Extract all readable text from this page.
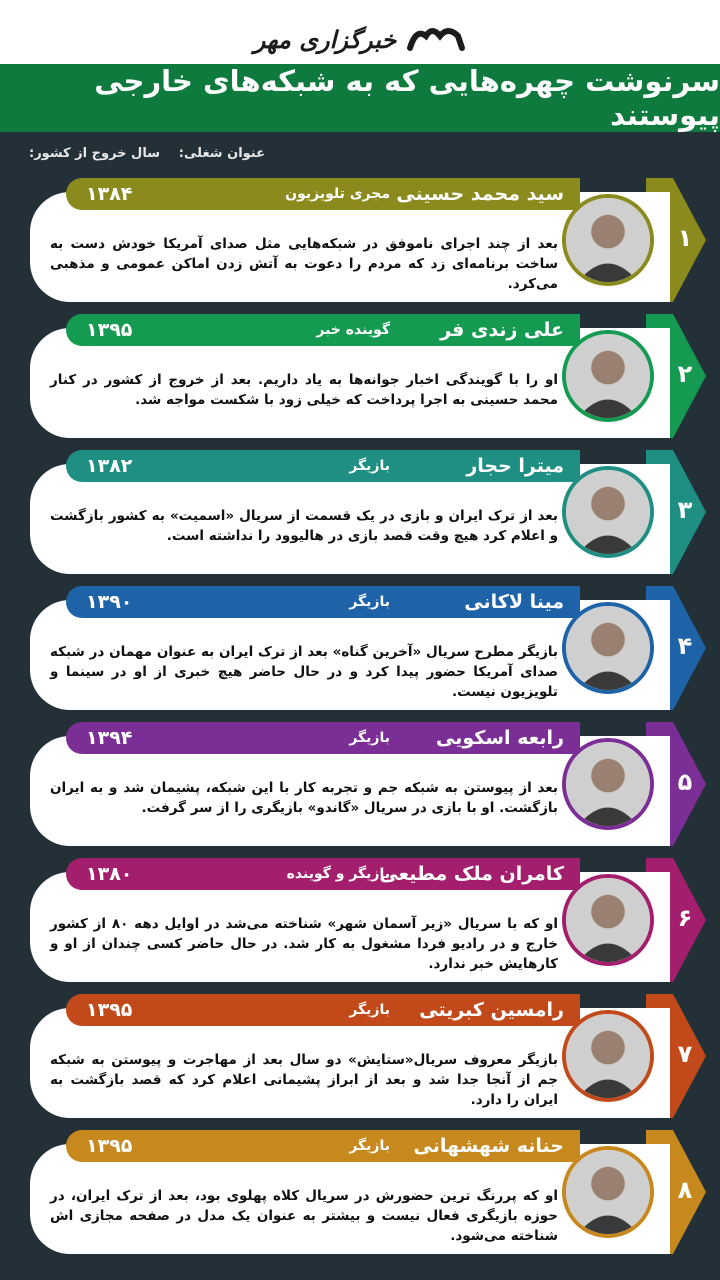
خبرگزاری مهر
سرنوشت چهره‌هایی که به شبکه‌های خارجی پیوستند
عنوان شغلی:
سال خروج از کشور:
۱
بعد از چند اجرای ناموفق در شبکه‌هایی مثل صدای آمریکا خودش دست به ساخت برنامه‌ای زد که مردم را دعوت به آتش زدن اماکن عمومی و مذهبی می‌کرد.
سید محمد حسینی
مجری تلویزیون
۱۳۸۴
۲
او را با گویندگی اخبار جوانه‌ها به یاد داریم. بعد از خروج از کشور در کنار محمد حسینی به اجرا پرداخت که خیلی زود با شکست مواجه شد.
علی زندی فر
گوینده خبر
۱۳۹۵
۳
بعد از ترک ایران و بازی در یک قسمت از سریال «اسمیت» به کشور بازگشت و اعلام کرد هیچ وقت قصد بازی در هالیوود را نداشته است.
میترا حجار
بازیگر
۱۳۸۲
۴
بازیگر مطرح سریال «آخرین گناه» بعد از ترک ایران به عنوان مهمان در شبکه صدای آمریکا حضور پیدا کرد و در حال حاضر هیچ خبری از او در سینما و تلویزیون نیست.
مینا لاکانی
بازیگر
۱۳۹۰
۵
بعد از پیوستن به شبکه جم و تجربه کار با این شبکه، پشیمان شد و به ایران بازگشت. او با بازی در سریال «گاندو» بازیگری را از سر گرفت.
رابعه اسکویی
بازیگر
۱۳۹۴
۶
او که با سریال «زیر آسمان شهر» شناخته می‌شد در اوایل دهه ۸۰ از کشور خارج و در رادیو فردا مشغول به کار شد. در حال حاضر کسی چندان از او و کارهایش خبر ندارد.
کامران ملک مطیعی
بازیگر و گوینده
۱۳۸۰
۷
بازیگر معروف سریال«ستایش» دو سال بعد از مهاجرت و پیوستن به شبکه جم از آنجا جدا شد و بعد از ابراز پشیمانی اعلام کرد که قصد بازگشت به ایران را دارد.
رامسین کبریتی
بازیگر
۱۳۹۵
۸
او که پررنگ ترین حضورش در سریال کلاه پهلوی بود، بعد از ترک ایران، در حوزه بازیگری فعال نیست و بیشتر به عنوان یک مدل در صفحه مجازی اش شناخته می‌شود.
حنانه شهشهانی
بازیگر
۱۳۹۵
